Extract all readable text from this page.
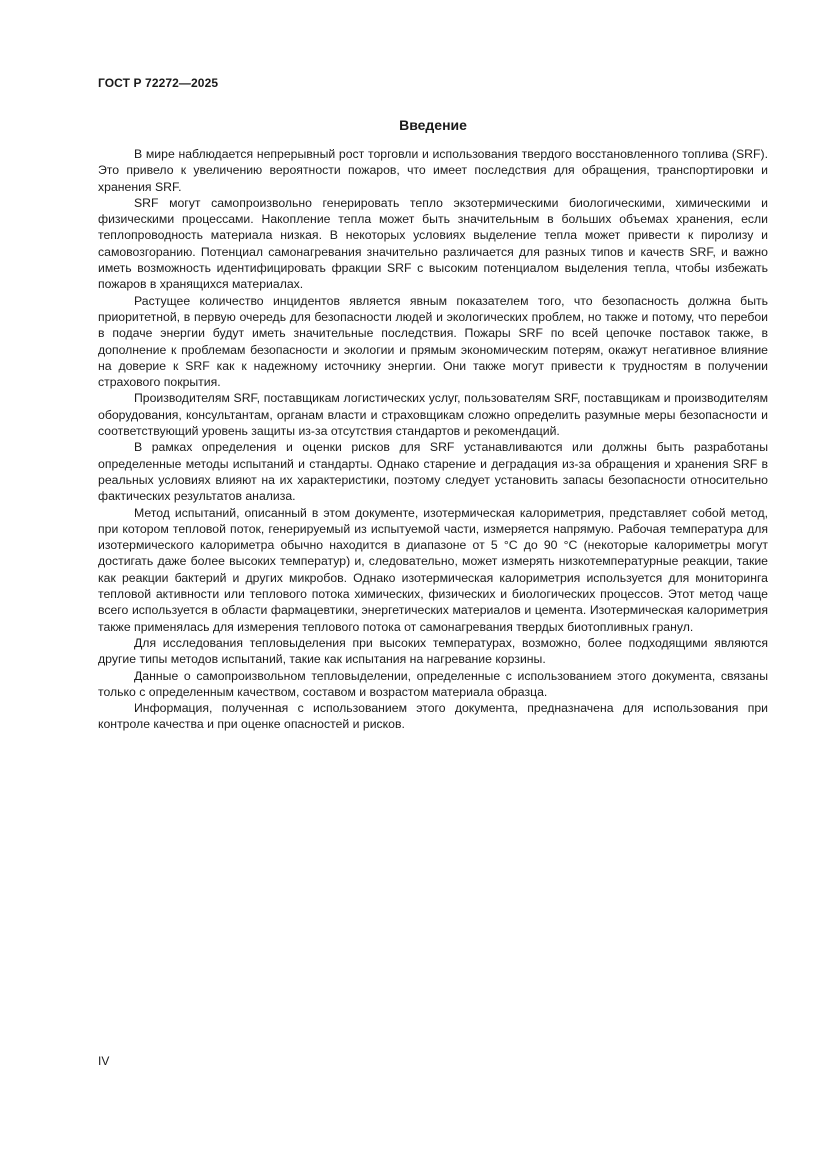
ГОСТ Р 72272—2025
Введение

В мире наблюдается непрерывный рост торговли и использования твердого восстановленного топлива (SRF). Это привело к увеличению вероятности пожаров, что имеет последствия для обращения, транспортировки и хранения SRF.

SRF могут самопроизвольно генерировать тепло экзотермическими биологическими, химическими и физическими процессами. Накопление тепла может быть значительным в больших объемах хранения, если теплопроводность материала низкая. В некоторых условиях выделение тепла может привести к пиролизу и самовозгоранию. Потенциал самонагревания значительно различается для разных типов и качеств SRF, и важно иметь возможность идентифицировать фракции SRF с высоким потенциалом выделения тепла, чтобы избежать пожаров в хранящихся материалах.

Растущее количество инцидентов является явным показателем того, что безопасность должна быть приоритетной, в первую очередь для безопасности людей и экологических проблем, но также и потому, что перебои в подаче энергии будут иметь значительные последствия. Пожары SRF по всей цепочке поставок также, в дополнение к проблемам безопасности и экологии и прямым экономическим потерям, окажут негативное влияние на доверие к SRF как к надежному источнику энергии. Они также могут привести к трудностям в получении страхового покрытия.

Производителям SRF, поставщикам логистических услуг, пользователям SRF, поставщикам и производителям оборудования, консультантам, органам власти и страховщикам сложно определить разумные меры безопасности и соответствующий уровень защиты из-за отсутствия стандартов и рекомендаций.

В рамках определения и оценки рисков для SRF устанавливаются или должны быть разработаны определенные методы испытаний и стандарты. Однако старение и деградация из-за обращения и хранения SRF в реальных условиях влияют на их характеристики, поэтому следует установить запасы безопасности относительно фактических результатов анализа.

Метод испытаний, описанный в этом документе, изотермическая калориметрия, представляет собой метод, при котором тепловой поток, генерируемый из испытуемой части, измеряется напрямую. Рабочая температура для изотермического калориметра обычно находится в диапазоне от 5 °С до 90 °С (некоторые калориметры могут достигать даже более высоких температур) и, следовательно, может измерять низкотемпературные реакции, такие как реакции бактерий и других микробов. Однако изотермическая калориметрия используется для мониторинга тепловой активности или теплового потока химических, физических и биологических процессов. Этот метод чаще всего используется в области фармацевтики, энергетических материалов и цемента. Изотермическая калориметрия также применялась для измерения теплового потока от самонагревания твердых биотопливных гранул.

Для исследования тепловыделения при высоких температурах, возможно, более подходящими являются другие типы методов испытаний, такие как испытания на нагревание корзины.

Данные о самопроизвольном тепловыделении, определенные с использованием этого документа, связаны только с определенным качеством, составом и возрастом материала образца.

Информация, полученная с использованием этого документа, предназначена для использования при контроле качества и при оценке опасностей и рисков.

IV
